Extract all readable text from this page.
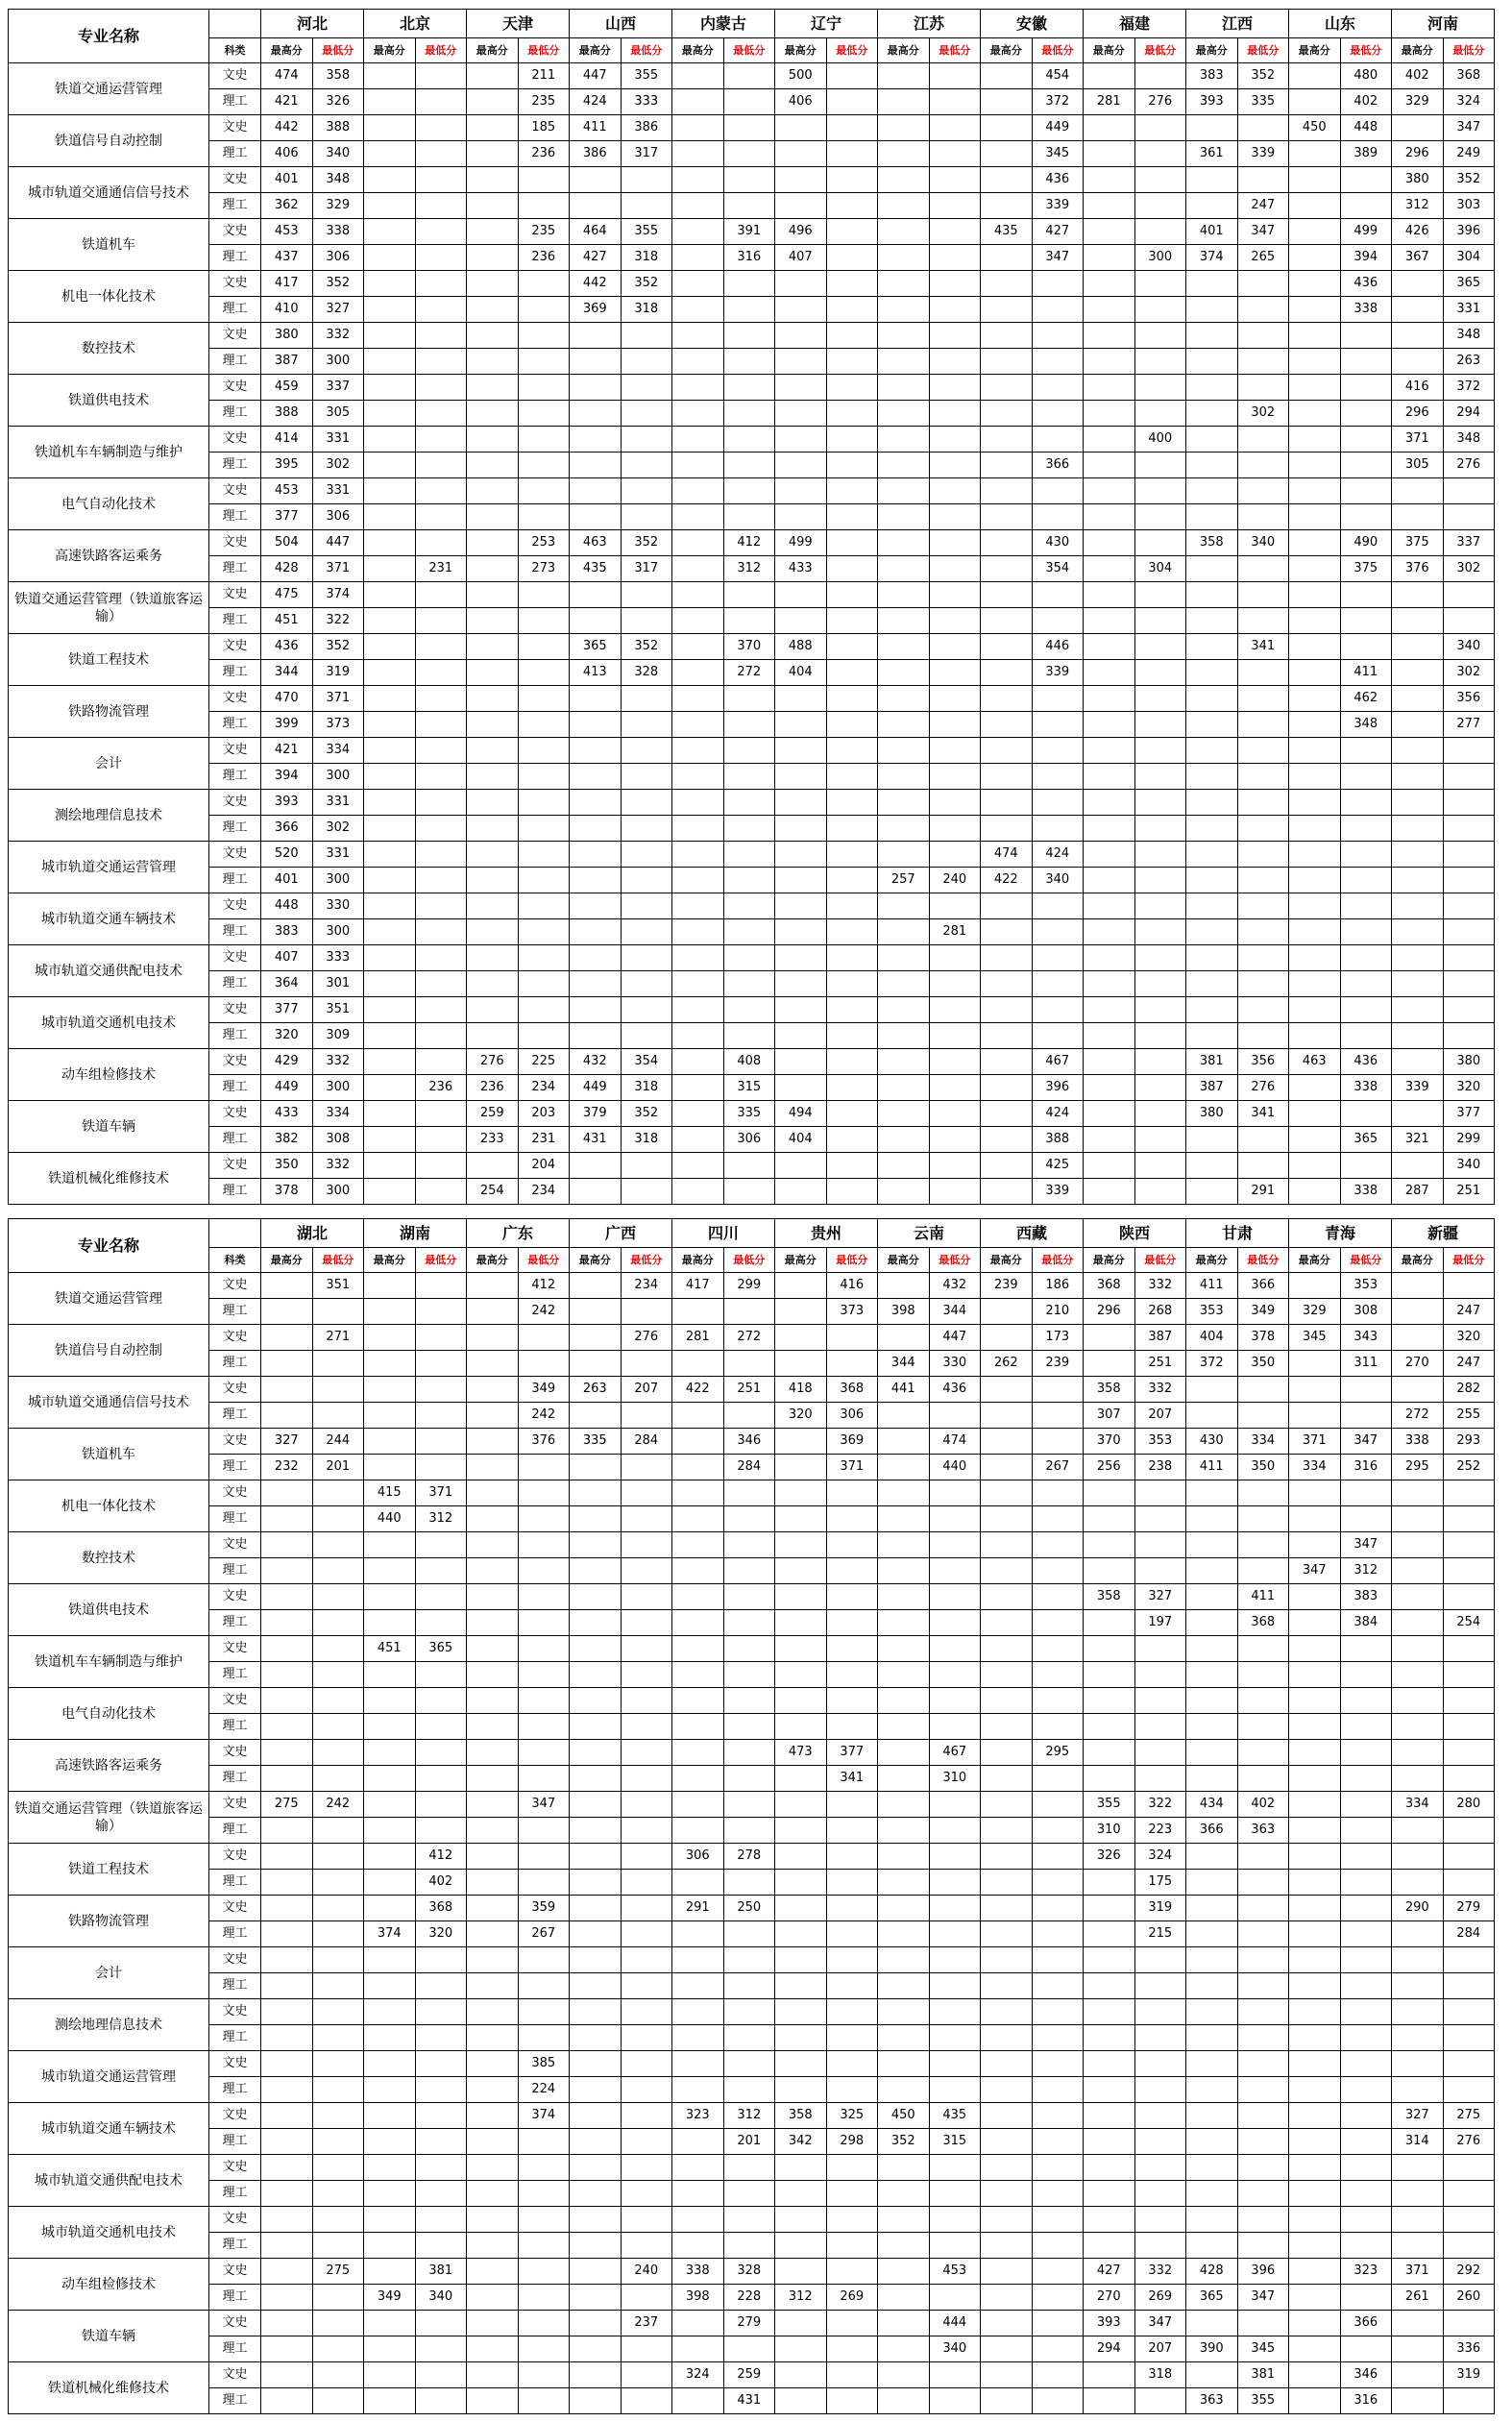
专业名称		河北		北京		天津		山西		内蒙古		辽宁		江苏		安徽		福建		江西		山东		河南	
	科类	最高分	最低分	最高分	最低分	最高分	最低分	最高分	最低分	最高分	最低分	最高分	最低分	最高分	最低分	最高分	最低分	最高分	最低分	最高分	最低分	最高分	最低分	最高分	最低分
铁道交通运营管理	文史	474	358				211	447	355			500					454			383	352		480	402	368
	理工	421	326				235	424	333			406					372	281	276	393	335		402	329	324
铁道信号自动控制	文史	442	388				185	411	386								449					450	448		347
	理工	406	340				236	386	317								345			361	339		389	296	249
城市轨道交通通信信号技术	文史	401	348														436							380	352
	理工	362	329														339				247			312	303
铁道机车	文史	453	338				235	464	355		391	496				435	427			401	347		499	426	396
	理工	437	306				236	427	318		316	407					347		300	374	265		394	367	304
机电一体化技术	文史	417	352					442	352														436		365
	理工	410	327					369	318														338		331
数控技术	文史	380	332																						348
	理工	387	300																						263
铁道供电技术	文史	459	337																					416	372
	理工	388	305																		302			296	294
铁道机车车辆制造与维护	文史	414	331																400					371	348
	理工	395	302														366							305	276
电气自动化技术	文史	453	331																						
	理工	377	306																						
高速铁路客运乘务	文史	504	447				253	463	352		412	499					430			358	340		490	375	337
	理工	428	371		231		273	435	317		312	433					354		304				375	376	302
铁道交通运营管理（铁道旅客运输）	文史	475	374																						
	理工	451	322																						
铁道工程技术	文史	436	352					365	352		370	488					446				341				340
	理工	344	319					413	328		272	404					339						411		302
铁路物流管理	文史	470	371																				462		356
	理工	399	373																				348		277
会计	文史	421	334																						
	理工	394	300																						
测绘地理信息技术	文史	393	331																						
	理工	366	302																						
城市轨道交通运营管理	文史	520	331													474	424								
	理工	401	300											257	240	422	340								
城市轨道交通车辆技术	文史	448	330																						
	理工	383	300												281										
城市轨道交通供配电技术	文史	407	333																						
	理工	364	301																						
城市轨道交通机电技术	文史	377	351																						
	理工	320	309																						
动车组检修技术	文史	429	332			276	225	432	354		408						467			381	356	463	436		380
	理工	449	300		236	236	234	449	318		315						396			387	276		338	339	320
铁道车辆	文史	433	334			259	203	379	352		335	494					424			380	341				377
	理工	382	308			233	231	431	318		306	404					388						365	321	299
铁道机械化维修技术	文史	350	332				204										425								340
	理工	378	300			254	234										339				291		338	287	251
专业名称		湖北		湖南		广东		广西		四川		贵州		云南		西藏		陕西		甘肃		青海		新疆	
	科类	最高分	最低分	最高分	最低分	最高分	最低分	最高分	最低分	最高分	最低分	最高分	最低分	最高分	最低分	最高分	最低分	最高分	最低分	最高分	最低分	最高分	最低分	最高分	最低分
铁道交通运营管理	文史		351				412		234	417	299		416		432	239	186	368	332	411	366		353		
	理工						242						373	398	344		210	296	268	353	349	329	308		247
铁道信号自动控制	文史		271						276	281	272				447		173		387	404	378	345	343		320
	理工													344	330	262	239		251	372	350		311	270	247
城市轨道交通通信信号技术	文史						349	263	207	422	251	418	368	441	436			358	332						282
	理工						242					320	306					307	207					272	255
铁道机车	文史	327	244				376	335	284		346		369		474			370	353	430	334	371	347	338	293
	理工	232	201								284		371		440		267	256	238	411	350	334	316	295	252
机电一体化技术	文史			415	371																				
	理工			440	312																				
数控技术	文史																						347		
	理工																					347	312		
铁道供电技术	文史																	358	327		411		383		
	理工																		197		368		384		254
铁道机车车辆制造与维护	文史			451	365																				
	理工																								
电气自动化技术	文史																								
	理工																								
高速铁路客运乘务	文史											473	377		467		295								
	理工												341		310										
铁道交通运营管理（铁道旅客运输）	文史	275	242				347											355	322	434	402			334	280
	理工																	310	223	366	363				
铁道工程技术	文史				412					306	278							326	324						
	理工				402														175						
铁路物流管理	文史				368		359			291	250								319					290	279
	理工			374	320		267												215						284
会计	文史																								
	理工																								
测绘地理信息技术	文史																								
	理工																								
城市轨道交通运营管理	文史						385																		
	理工						224																		
城市轨道交通车辆技术	文史						374			323	312	358	325	450	435									327	275
	理工										201	342	298	352	315									314	276
城市轨道交通供配电技术	文史																								
	理工																								
城市轨道交通机电技术	文史																								
	理工																								
动车组检修技术	文史		275		381				240	338	328				453			427	332	428	396		323	371	292
	理工			349	340					398	228	312	269					270	269	365	347			261	260
铁道车辆	文史								237		279				444			393	347				366		
	理工														340			294	207	390	345				336
铁道机械化维修技术	文史									324	259								318		381		346		319
	理工										431									363	355		316		
